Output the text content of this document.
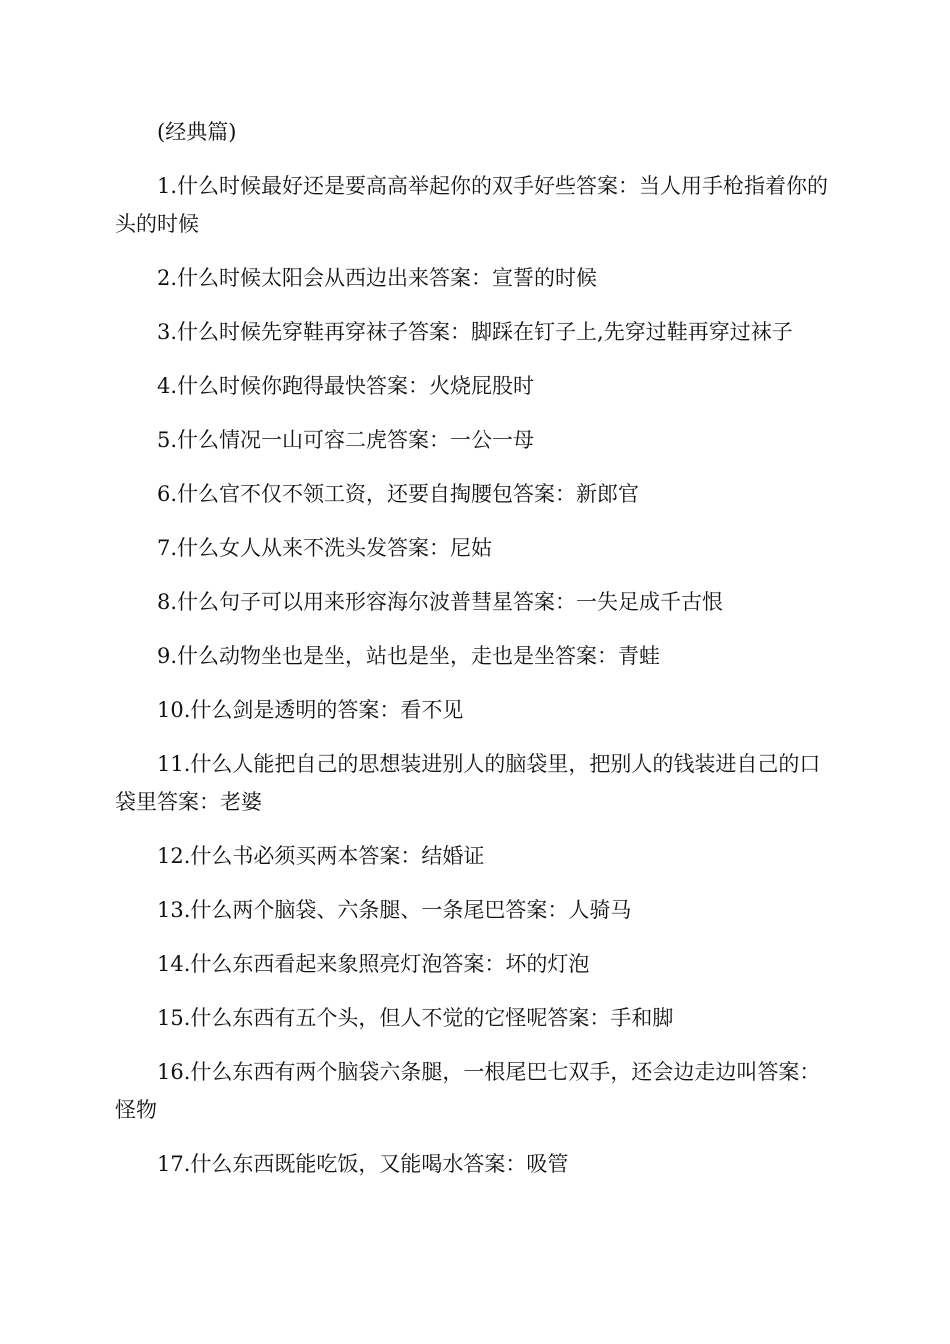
(经典篇)

1.什么时候最好还是要高高举起你的双手好些答案：当人用手枪指着你的头的时候

2.什么时候太阳会从西边出来答案：宣誓的时候

3.什么时候先穿鞋再穿袜子答案：脚踩在钉子上,先穿过鞋再穿过袜子

4.什么时候你跑得最快答案：火烧屁股时

5.什么情况一山可容二虎答案：一公一母

6.什么官不仅不领工资，还要自掏腰包答案：新郎官

7.什么女人从来不洗头发答案：尼姑

8.什么句子可以用来形容海尔波普彗星答案：一失足成千古恨

9.什么动物坐也是坐，站也是坐，走也是坐答案：青蛙

10.什么剑是透明的答案：看不见

11.什么人能把自己的思想装进别人的脑袋里，把别人的钱装进自己的口袋里答案：老婆

12.什么书必须买两本答案：结婚证

13.什么两个脑袋、六条腿、一条尾巴答案：人骑马

14.什么东西看起来象照亮灯泡答案：坏的灯泡

15.什么东西有五个头，但人不觉的它怪呢答案：手和脚

16.什么东西有两个脑袋六条腿，一根尾巴七双手，还会边走边叫答案：怪物

17.什么东西既能吃饭，又能喝水答案：吸管
